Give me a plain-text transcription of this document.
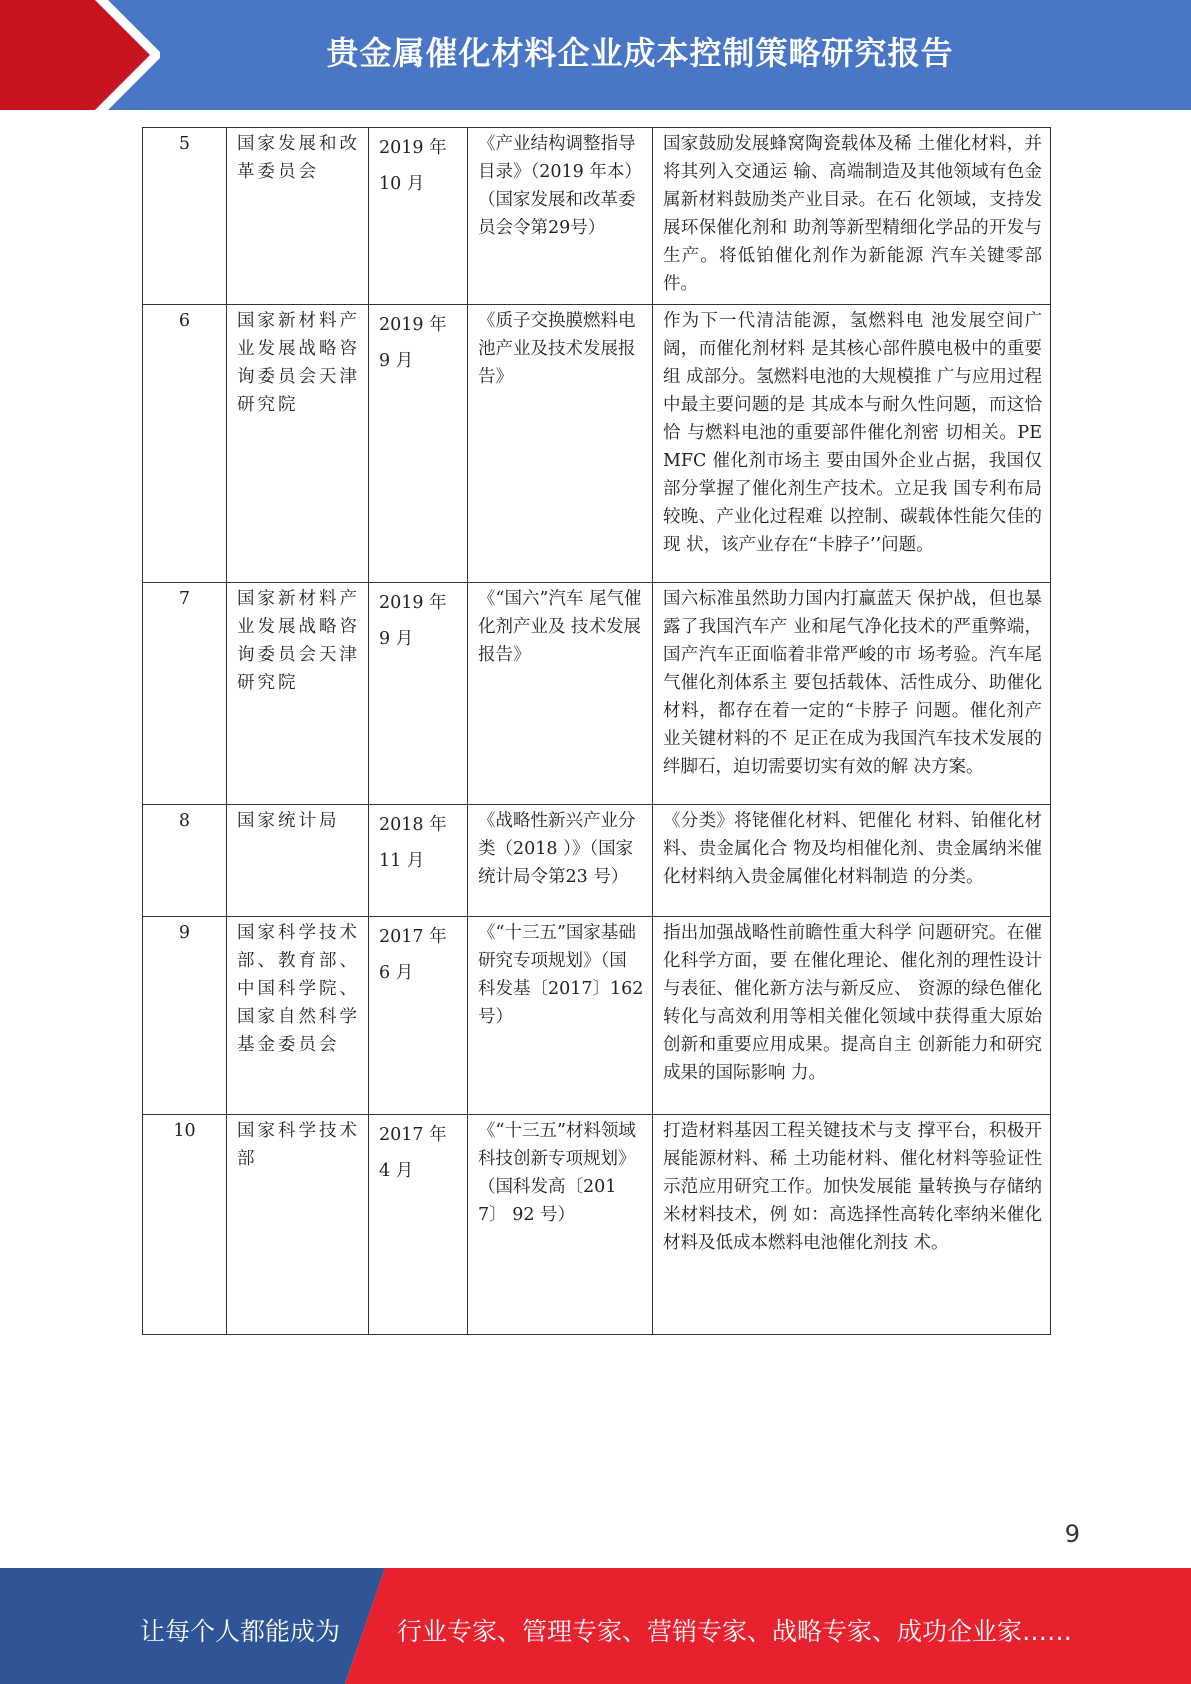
贵金属催化材料企业成本控制策略研究报告
5	国家发展和改革委员会	2019 年 10 月	《产业结构调整指导目录》（2019 年本）（国家发展和改革委员会令第29号）	国家鼓励发展蜂窝陶瓷载体及稀 土催化材料，并将其列入交通运 输、高端制造及其他领域有色金 属新材料鼓励类产业目录。在石 化领域，支持发展环保催化剂和 助剂等新型精细化学品的开发与 生产。将低铂催化剂作为新能源 汽车关键零部件。
6	国家新材料产业发展战略咨询委员会天津研究院	2019 年 9 月	《质子交换膜燃料电池产业及技术发展报告》	作为下一代清洁能源，氢燃料电 池发展空间广阔，而催化剂材料 是其核心部件膜电极中的重要组 成部分。氢燃料电池的大规模推 广与应用过程中最主要问题的是 其成本与耐久性问题，而这恰恰 与燃料电池的重要部件催化剂密 切相关。PEMFC 催化剂市场主 要由国外企业占据，我国仅部分掌握了催化剂生产技术。立足我 国专利布局较晚、产业化过程难 以控制、碳载体性能欠佳的现 状，该产业存在“卡脖子’’问题。
7	国家新材料产业发展战略咨询委员会天津研究院	2019 年 9 月	《“国六”汽车 尾气催化剂产业及 技术发展报告》	国六标准虽然助力国内打赢蓝天 保护战，但也暴露了我国汽车产 业和尾气净化技术的严重弊端， 国产汽车正面临着非常严峻的市 场考验。汽车尾气催化剂体系主 要包括载体、活性成分、助催化 材料，都存在着一定的“卡脖子 问题。催化剂产业关键材料的不 足正在成为我国汽车技术发展的绊脚石，迫切需要切实有效的解 决方案。
8	国家统计局	2018 年 11 月	《战略性新兴产业分类（2018 ）》（国家统计局令第23 号）	《分类》将铑催化材料、钯催化 材料、铂催化材料、贵金属化合 物及均相催化剂、贵金属纳米催化材料纳入贵金属催化材料制造 的分类。
9	国家科学技术部、教育部、中国科学院、国家自然科学基金委员会	2017 年 6 月	《“十三五”国家基础研究专项规划》（国科发基〔2017〕162 号）	指出加强战略性前瞻性重大科学 问题研究。在催化科学方面，要 在催化理论、催化剂的理性设计 与表征、催化新方法与新反应、 资源的绿色催化转化与高效利用等相关催化领域中获得重大原始 创新和重要应用成果。提高自主 创新能力和研究成果的国际影响 力。
10	国家科学技术部	2017 年 4 月	《“十三五”材料领域科技创新专项规划》（国科发高〔2017〕 92 号）	打造材料基因工程关键技术与支 撑平台，积极开展能源材料、稀 土功能材料、催化材料等验证性 示范应用研究工作。加快发展能 量转换与存储纳米材料技术，例 如：高选择性高转化率纳米催化 材料及低成本燃料电池催化剂技 术。
9
让每个人都能成为 行业专家、管理专家、营销专家、战略专家、成功企业家……
